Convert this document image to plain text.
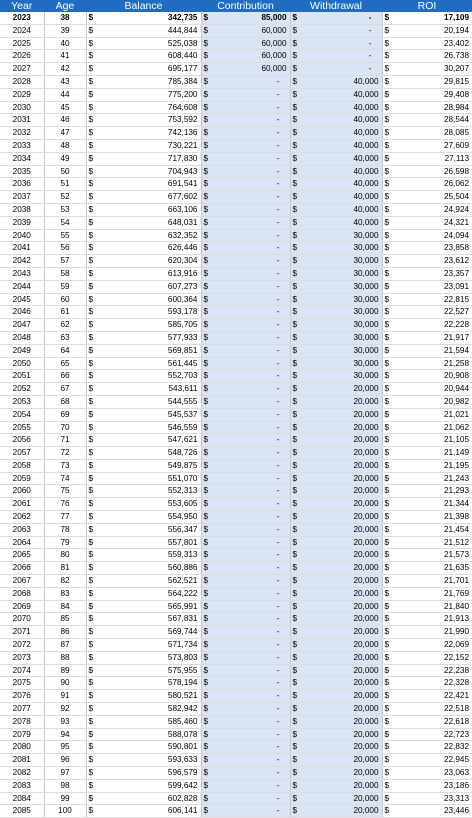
Year	Age	Balance	Contribution	Withdrawal	ROI
2023	38	$ 342,735	$ 85,000	$ -	$ 17,109
2024	39	$ 444,844	$ 60,000	$ -	$ 20,194
2025	40	$ 525,038	$ 60,000	$ -	$ 23,402
2026	41	$ 608,440	$ 60,000	$ -	$ 26,738
2027	42	$ 695,177	$ 60,000	$ -	$ 30,207
2028	43	$ 785,384	$ -	$ 40,000	$ 29,815
2029	44	$ 775,200	$ -	$ 40,000	$ 29,408
2030	45	$ 764,608	$ -	$ 40,000	$ 28,984
2031	46	$ 753,592	$ -	$ 40,000	$ 28,544
2032	47	$ 742,136	$ -	$ 40,000	$ 28,085
2033	48	$ 730,221	$ -	$ 40,000	$ 27,609
2034	49	$ 717,830	$ -	$ 40,000	$ 27,113
2035	50	$ 704,943	$ -	$ 40,000	$ 26,598
2036	51	$ 691,541	$ -	$ 40,000	$ 26,062
2037	52	$ 677,602	$ -	$ 40,000	$ 25,504
2038	53	$ 663,106	$ -	$ 40,000	$ 24,924
2039	54	$ 648,031	$ -	$ 40,000	$ 24,321
2040	55	$ 632,352	$ -	$ 30,000	$ 24,094
2041	56	$ 626,446	$ -	$ 30,000	$ 23,858
2042	57	$ 620,304	$ -	$ 30,000	$ 23,612
2043	58	$ 613,916	$ -	$ 30,000	$ 23,357
2044	59	$ 607,273	$ -	$ 30,000	$ 23,091
2045	60	$ 600,364	$ -	$ 30,000	$ 22,815
2046	61	$ 593,178	$ -	$ 30,000	$ 22,527
2047	62	$ 585,705	$ -	$ 30,000	$ 22,228
2048	63	$ 577,933	$ -	$ 30,000	$ 21,917
2049	64	$ 569,851	$ -	$ 30,000	$ 21,594
2050	65	$ 561,445	$ -	$ 30,000	$ 21,258
2051	66	$ 552,703	$ -	$ 30,000	$ 20,908
2052	67	$ 543,611	$ -	$ 20,000	$ 20,944
2053	68	$ 544,555	$ -	$ 20,000	$ 20,982
2054	69	$ 545,537	$ -	$ 20,000	$ 21,021
2055	70	$ 546,559	$ -	$ 20,000	$ 21,062
2056	71	$ 547,621	$ -	$ 20,000	$ 21,105
2057	72	$ 548,726	$ -	$ 20,000	$ 21,149
2058	73	$ 549,875	$ -	$ 20,000	$ 21,195
2059	74	$ 551,070	$ -	$ 20,000	$ 21,243
2060	75	$ 552,313	$ -	$ 20,000	$ 21,293
2061	76	$ 553,605	$ -	$ 20,000	$ 21,344
2062	77	$ 554,950	$ -	$ 20,000	$ 21,398
2063	78	$ 556,347	$ -	$ 20,000	$ 21,454
2064	79	$ 557,801	$ -	$ 20,000	$ 21,512
2065	80	$ 559,313	$ -	$ 20,000	$ 21,573
2066	81	$ 560,886	$ -	$ 20,000	$ 21,635
2067	82	$ 562,521	$ -	$ 20,000	$ 21,701
2068	83	$ 564,222	$ -	$ 20,000	$ 21,769
2069	84	$ 565,991	$ -	$ 20,000	$ 21,840
2070	85	$ 567,831	$ -	$ 20,000	$ 21,913
2071	86	$ 569,744	$ -	$ 20,000	$ 21,990
2072	87	$ 571,734	$ -	$ 20,000	$ 22,069
2073	88	$ 573,803	$ -	$ 20,000	$ 22,152
2074	89	$ 575,955	$ -	$ 20,000	$ 22,238
2075	90	$ 578,194	$ -	$ 20,000	$ 22,328
2076	91	$ 580,521	$ -	$ 20,000	$ 22,421
2077	92	$ 582,942	$ -	$ 20,000	$ 22,518
2078	93	$ 585,460	$ -	$ 20,000	$ 22,618
2079	94	$ 588,078	$ -	$ 20,000	$ 22,723
2080	95	$ 590,801	$ -	$ 20,000	$ 22,832
2081	96	$ 593,633	$ -	$ 20,000	$ 22,945
2082	97	$ 596,579	$ -	$ 20,000	$ 23,063
2083	98	$ 599,642	$ -	$ 20,000	$ 23,186
2084	99	$ 602,828	$ -	$ 20,000	$ 23,313
2085	100	$ 606,141	$ -	$ 20,000	$ 23,446
